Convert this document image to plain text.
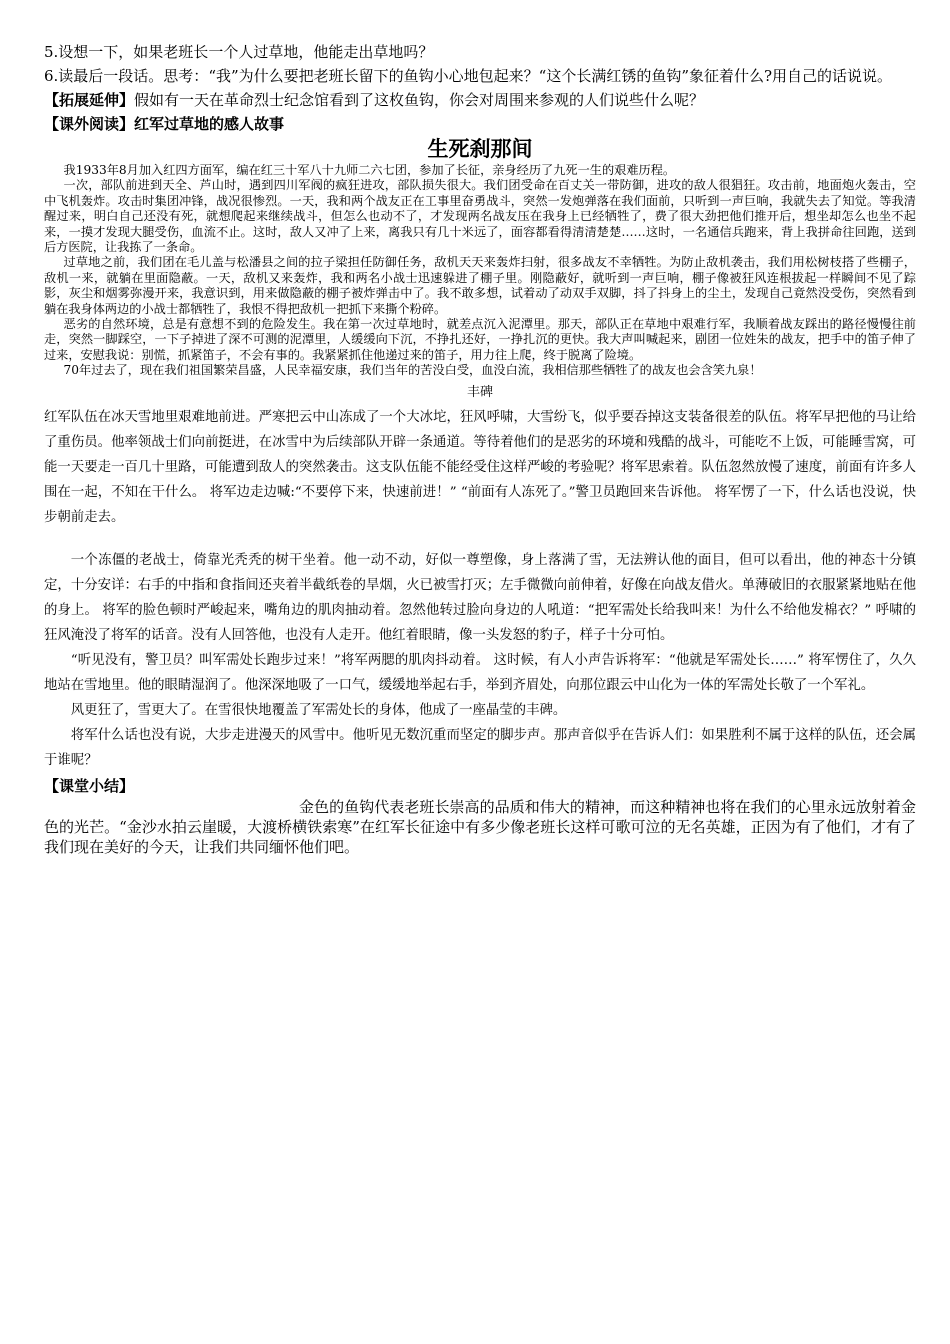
5.设想一下，如果老班长一个人过草地，他能走出草地吗？

6.读最后一段话。思考：“我”为什么要把老班长留下的鱼钩小心地包起来？“这个长满红锈的鱼钩”象征着什么?用自己的话说说。

【拓展延伸】假如有一天在革命烈士纪念馆看到了这枚鱼钩，你会对周围来参观的人们说些什么呢？

【课外阅读】红军过草地的感人故事

生死刹那间

我1933年8月加入红四方面军，编在红三十军八十九师二六七团，参加了长征，亲身经历了九死一生的艰难历程。

一次，部队前进到天全、芦山时，遇到四川军阀的疯狂进攻，部队损失很大。我们团受命在百丈关一带防御，进攻的敌人很猖狂。攻击前，地面炮火轰击，空中飞机轰炸。攻击时集团冲锋，战况很惨烈。一天，我和两个战友正在工事里奋勇战斗，突然一发炮弹落在我们面前，只听到一声巨响，我就失去了知觉。等我清醒过来，明白自己还没有死，就想爬起来继续战斗，但怎么也动不了，才发现两名战友压在我身上已经牺牲了，费了很大劲把他们推开后，想坐却怎么也坐不起来，一摸才发现大腿受伤，血流不止。这时，敌人又冲了上来，离我只有几十米远了，面容都看得清清楚楚……这时，一名通信兵跑来，背上我拼命往回跑，送到后方医院，让我拣了一条命。

过草地之前，我们团在毛儿盖与松潘县之间的拉子梁担任防御任务，敌机天天来轰炸扫射，很多战友不幸牺牲。为防止敌机袭击，我们用松树枝搭了些棚子，敌机一来，就躺在里面隐蔽。一天，敌机又来轰炸，我和两名小战士迅速躲进了棚子里。刚隐蔽好，就听到一声巨响，棚子像被狂风连根拔起一样瞬间不见了踪影，灰尘和烟雾弥漫开来，我意识到，用来做隐蔽的棚子被炸弹击中了。我不敢多想，试着动了动双手双脚，抖了抖身上的尘土，发现自己竟然没受伤，突然看到躺在我身体两边的小战士都牺牲了，我恨不得把敌机一把抓下来撕个粉碎。

恶劣的自然环境，总是有意想不到的危险发生。我在第一次过草地时，就差点沉入泥潭里。那天，部队正在草地中艰难行军，我顺着战友踩出的路径慢慢往前走，突然一脚踩空，一下子掉进了深不可测的泥潭里，人缓缓向下沉，不挣扎还好，一挣扎沉的更快。我大声叫喊起来，剧团一位姓朱的战友，把手中的笛子伸了过来，安慰我说：别慌，抓紧笛子，不会有事的。我紧紧抓住他递过来的笛子，用力往上爬，终于脱离了险境。

70年过去了，现在我们祖国繁荣昌盛，人民幸福安康，我们当年的苦没白受，血没白流，我相信那些牺牲了的战友也会含笑九泉！

丰碑

红军队伍在冰天雪地里艰难地前进。严寒把云中山冻成了一个大冰坨，狂风呼啸，大雪纷飞，似乎要吞掉这支装备很差的队伍。将军早把他的马让给了重伤员。他率领战士们向前挺进，在冰雪中为后续部队开辟一条通道。等待着他们的是恶劣的环境和残酷的战斗，可能吃不上饭，可能睡雪窝，可能一天要走一百几十里路，可能遭到敌人的突然袭击。这支队伍能不能经受住这样严峻的考验呢？将军思索着。队伍忽然放慢了速度，前面有许多人围在一起，不知在干什么。 将军边走边喊:“不要停下来，快速前进！” “前面有人冻死了。”警卫员跑回来告诉他。 将军愣了一下，什么话也没说，快步朝前走去。

一个冻僵的老战士，倚靠光秃秃的树干坐着。他一动不动，好似一尊塑像，身上落满了雪，无法辨认他的面目，但可以看出，他的神态十分镇定，十分安详：右手的中指和食指间还夹着半截纸卷的旱烟，火已被雪打灭；左手微微向前伸着，好像在向战友借火。单薄破旧的衣服紧紧地贴在他的身上。 将军的脸色顿时严峻起来，嘴角边的肌肉抽动着。忽然他转过脸向身边的人吼道：“把军需处长给我叫来！为什么不给他发棉衣？” 呼啸的狂风淹没了将军的话音。没有人回答他，也没有人走开。他红着眼睛，像一头发怒的豹子，样子十分可怕。

“听见没有，警卫员？叫军需处长跑步过来！”将军两腮的肌肉抖动着。 这时候，有人小声告诉将军：“他就是军需处长……” 将军愣住了，久久地站在雪地里。他的眼睛湿润了。他深深地吸了一口气，缓缓地举起右手，举到齐眉处，向那位跟云中山化为一体的军需处长敬了一个军礼。

风更狂了，雪更大了。在雪很快地覆盖了军需处长的身体，他成了一座晶莹的丰碑。

将军什么话也没有说，大步走进漫天的风雪中。他听见无数沉重而坚定的脚步声。那声音似乎在告诉人们：如果胜利不属于这样的队伍，还会属于谁呢？

【课堂小结】

金色的鱼钩代表老班长崇高的品质和伟大的精神，而这种精神也将在我们的心里永远放射着金色的光芒。“金沙水拍云崖暖，大渡桥横铁索寒”在红军长征途中有多少像老班长这样可歌可泣的无名英雄，正因为有了他们，才有了我们现在美好的今天，让我们共同缅怀他们吧。
